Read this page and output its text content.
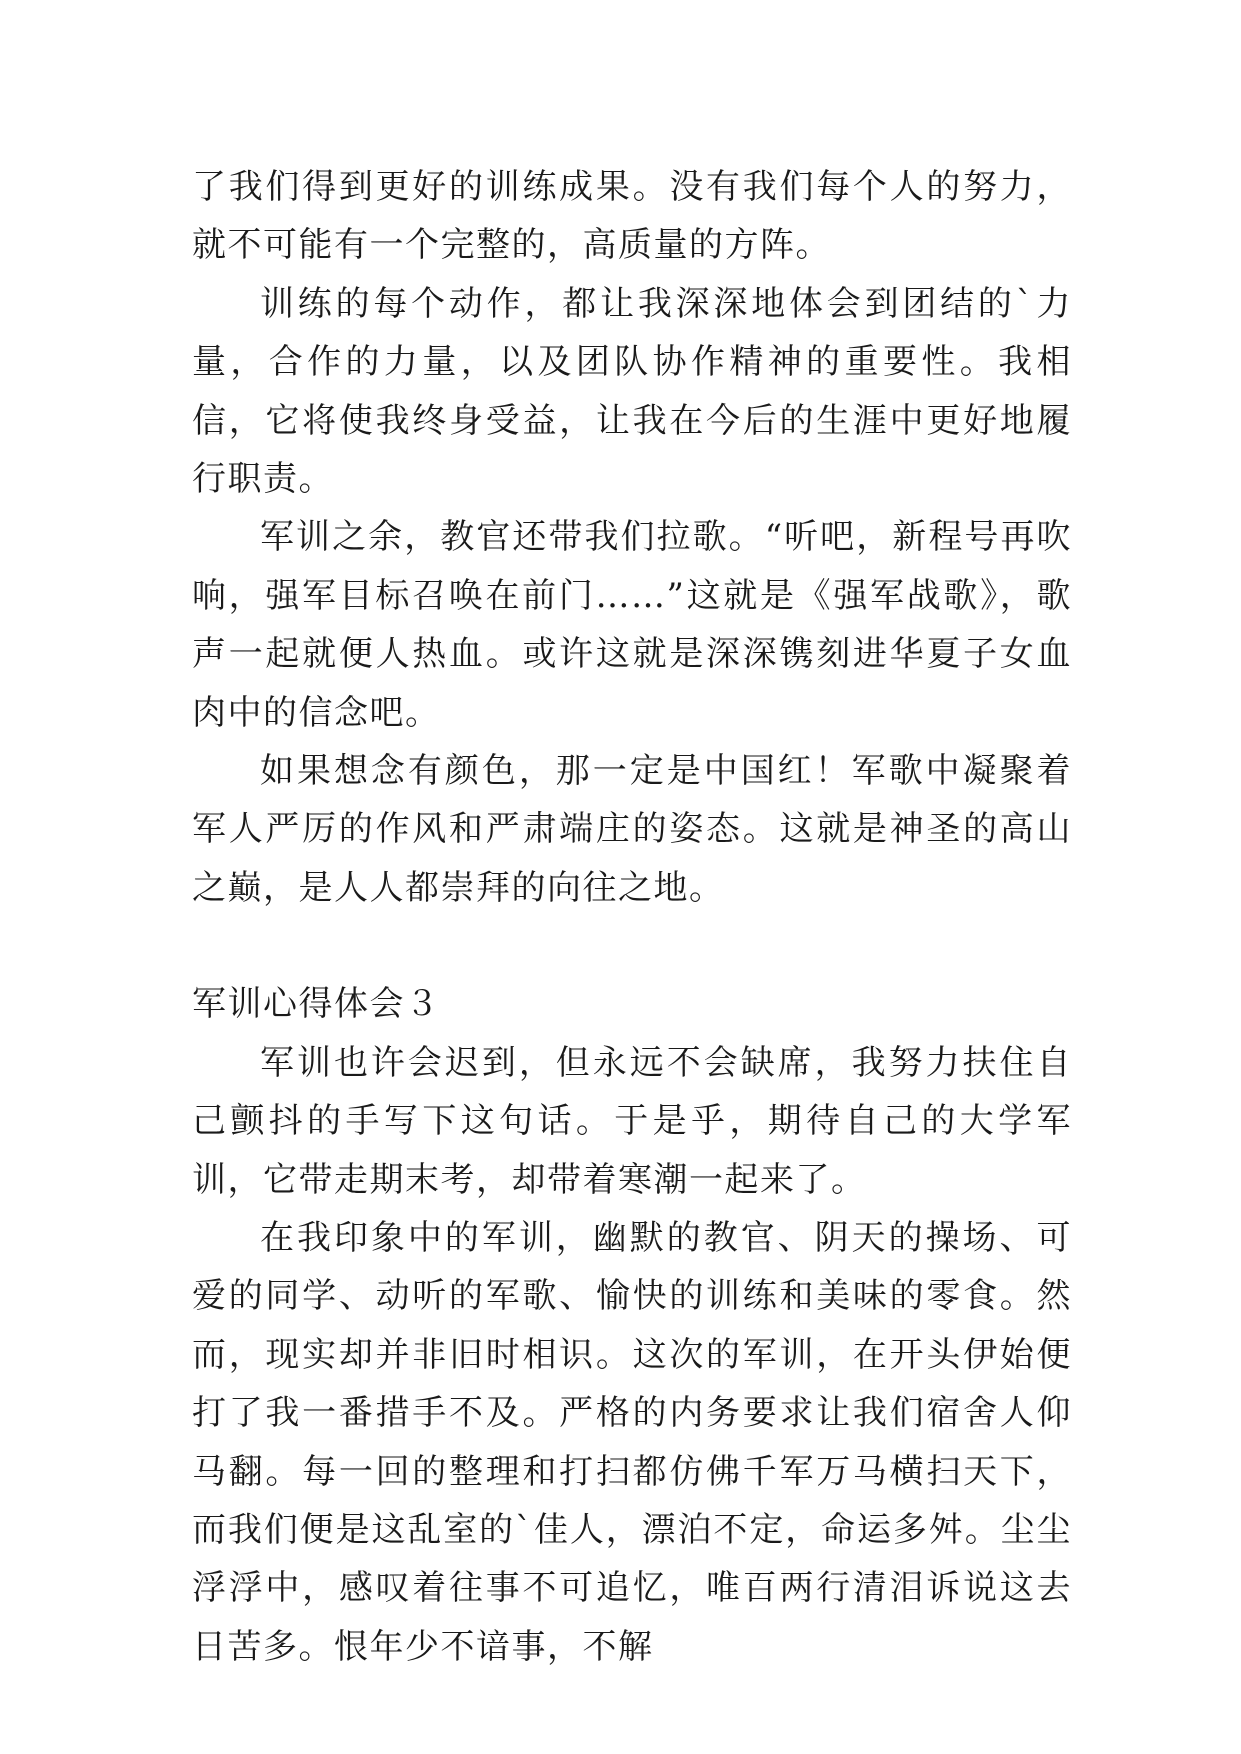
了我们得到更好的训练成果。没有我们每个人的努力，就不可能有一个完整的，高质量的方阵。

训练的每个动作，都让我深深地体会到团结的`力量，合作的力量，以及团队协作精神的重要性。我相信，它将使我终身受益，让我在今后的生涯中更好地履行职责。

军训之余，教官还带我们拉歌。“听吧，新程号再吹响，强军目标召唤在前门……”这就是《强军战歌》，歌声一起就便人热血。或许这就是深深镌刻进华夏子女血肉中的信念吧。

如果想念有颜色，那一定是中国红！军歌中凝聚着军人严厉的作风和严肃端庄的姿态。这就是神圣的高山之巅，是人人都崇拜的向往之地。

军训心得体会３

军训也许会迟到，但永远不会缺席，我努力扶住自己颤抖的手写下这句话。于是乎，期待自己的大学军训，它带走期末考，却带着寒潮一起来了。

在我印象中的军训，幽默的教官、阴天的操场、可爱的同学、动听的军歌、愉快的训练和美味的零食。然而，现实却并非旧时相识。这次的军训，在开头伊始便打了我一番措手不及。严格的内务要求让我们宿舍人仰马翻。每一回的整理和打扫都仿佛千军万马横扫天下，而我们便是这乱室的`佳人，漂泊不定，命运多舛。尘尘浮浮中，感叹着往事不可追忆，唯百两行清泪诉说这去日苦多。恨年少不谙事，不解
